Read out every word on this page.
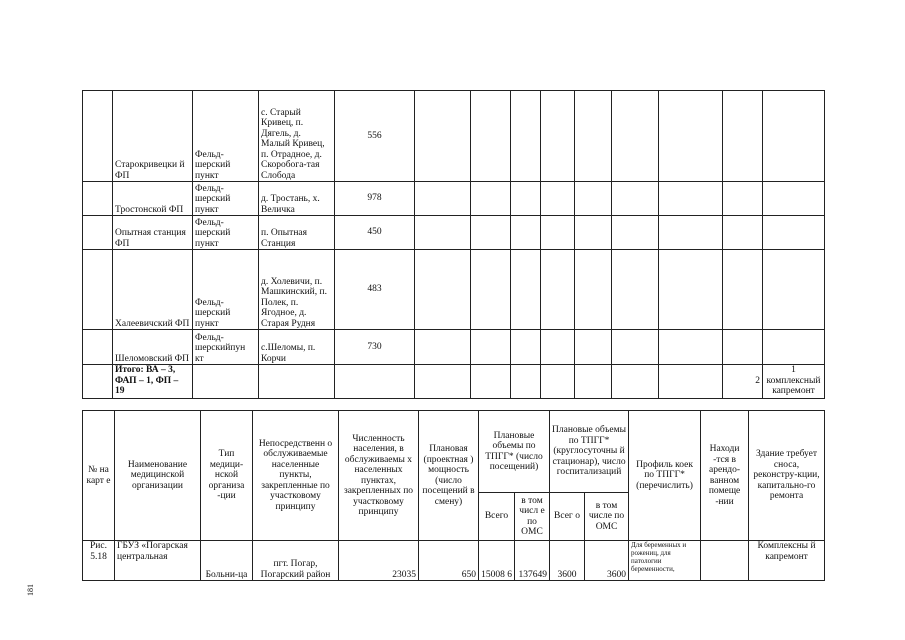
	Старокривецки й ФП	Фельд-шерский пункт	с. Старый Кривец, п. Дягель, д. Малый Кривец, п. Отрадное, д. Скоробога-тая Слобода	556									
	Тростонской ФП	Фельд-шерский пункт	д. Тростань, х. Величка	978									
	Опытная станция ФП	Фельд-шерский пункт	п. Опытная Станция	450									
	Халеевичский ФП	Фельд-шерский пункт	д. Холевичи, п. Машкинский, п. Полек, п. Ягодное, д. Старая Рудня	483									
	Шеломовский ФП	Фельд-шерскийпун кт	с.Шеломы, п. Корчи	730									
	Итого: ВА – 3, ФАП – 1, ФП – 19											2	1 комплексный капремонт
№ на карт е	Наименование медицинской организации	Тип медици-нской организа -ции	Непосредственн о обслуживаемые населенные пункты, закрепленные по участковому принципу	Численность населения, в обслуживаемы х населенных пунктах, закрепленных по участковому принципу	Плановая (проектная ) мощность (число посещений в смену)	Плановые объемы по ТПГГ* (число посещений)		Плановые объемы по ТПГГ* (круглосуточны й стационар), число госпитализаций		Профиль коек по ТПГГ* (перечислить)	Находи -тся в арендо-ванном помеще -нии	Здание требует сноса, реконстру-кции, капитально-го ремонта
						Всего	в том числ е по ОМС	Всег о	в том числе по ОМС			
Рис. 5.18	ГБУЗ «Погарская центральная	Больни-ца	пгт. Погар, Погарский район	23035	650	15008 6	137649	3600	3600	Для беременных и рожениц, для патологии беременности,		Комплексны й капремонт
181
